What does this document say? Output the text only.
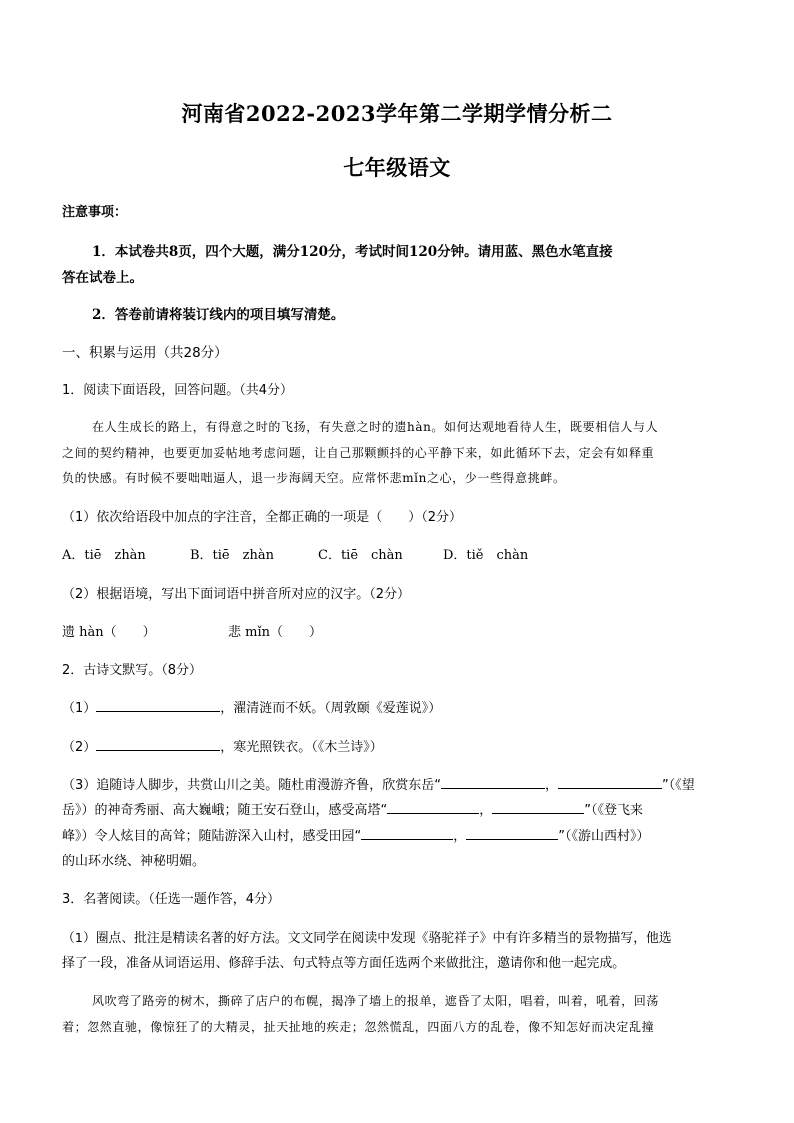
河南省2022-2023学年第二学期学情分析二
七年级语文
注意事项：
1．本试卷共8页，四个大题，满分120分，考试时间120分钟。请用蓝、黑色水笔直接
答在试卷上。
2．答卷前请将装订线内的项目填写清楚。
一、积累与运用（共28分）
1．阅读下面语段，回答问题。（共4分）
在人生成长的路上，有得意之时的飞扬，有失意之时的遗hàn。如何达观地看待人生，既要相信人与人
之间的契约精神，也要更加妥帖地考虑问题，让自己那颗颤抖的心平静下来，如此循环下去，定会有如释重
负的快感。有时候不要咄咄逼人，退一步海阔天空。应常怀悲mǐn之心，少一些得意挑衅。
（1）依次给语段中加点的字注音，全都正确的一项是（　　）（2分）
A．tiē　zhàn	B．tiē　zhàn	C．tiē　chàn	D．tiě　chàn
（2）根据语境，写出下面词语中拼音所对应的汉字。（2分）
遗 hàn（　　）	悲 mǐn（　　）
2．古诗文默写。（8分）
（1）	，濯清涟而不妖。（周敦颐《爱莲说》）
（2）	，寒光照铁衣。（《木兰诗》）
（3）追随诗人脚步，共赏山川之美。随杜甫漫游齐鲁，欣赏东岳“	，	”（《望
岳》）的神奇秀丽、高大巍峨；随王安石登山，感受高塔“	，	”（《登飞来
峰》）令人炫目的高耸；随陆游深入山村，感受田园“	，	”（《游山西村》）
的山环水绕、神秘明媚。
3．名著阅读。（任选一题作答，4分）
（1）圈点、批注是精读名著的好方法。文文同学在阅读中发现《骆驼祥子》中有许多精当的景物描写，他选
择了一段，准备从词语运用、修辞手法、句式特点等方面任选两个来做批注，邀请你和他一起完成。
风吹弯了路旁的树木，撕碎了店户的布幌，揭净了墙上的报单，遮昏了太阳，唱着，叫着，吼着，回荡
着；忽然直驰，像惊狂了的大精灵，扯天扯地的疾走；忽然慌乱，四面八方的乱卷，像不知怎好而决定乱撞
